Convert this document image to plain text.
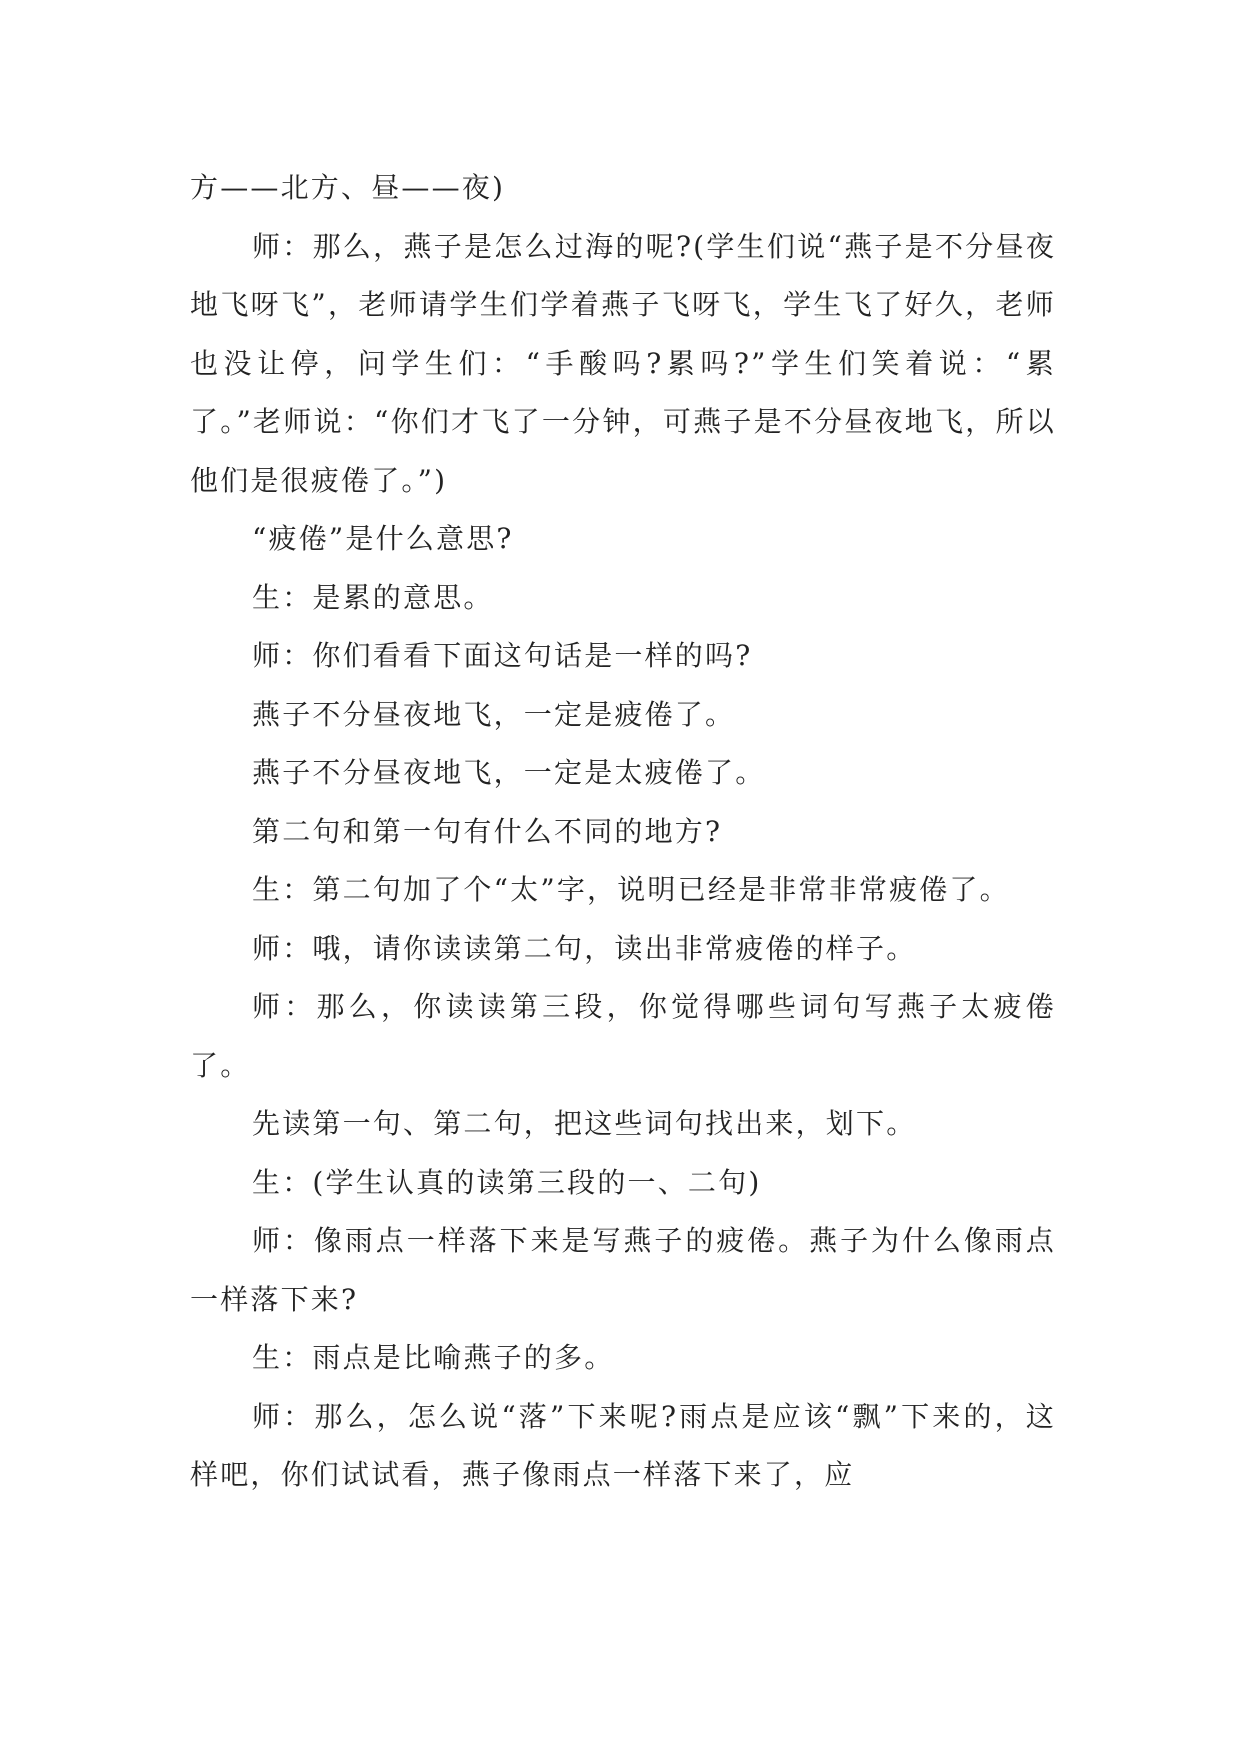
方——北方、昼——夜)

师：那么，燕子是怎么过海的呢?(学生们说“燕子是不分昼夜地飞呀飞”，老师请学生们学着燕子飞呀飞，学生飞了好久，老师也没让停，问学生们：“手酸吗?累吗?”学生们笑着说：“累了。”老师说：“你们才飞了一分钟，可燕子是不分昼夜地飞，所以他们是很疲倦了。”)

“疲倦”是什么意思?

生：是累的意思。

师：你们看看下面这句话是一样的吗?

燕子不分昼夜地飞，一定是疲倦了。

燕子不分昼夜地飞，一定是太疲倦了。

第二句和第一句有什么不同的地方?

生：第二句加了个“太”字，说明已经是非常非常疲倦了。

师：哦，请你读读第二句，读出非常疲倦的样子。

师：那么，你读读第三段，你觉得哪些词句写燕子太疲倦了。

先读第一句、第二句，把这些词句找出来，划下。

生：(学生认真的读第三段的一、二句)

师：像雨点一样落下来是写燕子的疲倦。燕子为什么像雨点一样落下来?

生：雨点是比喻燕子的多。

师：那么，怎么说“落”下来呢?雨点是应该“飘”下来的，这样吧，你们试试看，燕子像雨点一样落下来了，应
